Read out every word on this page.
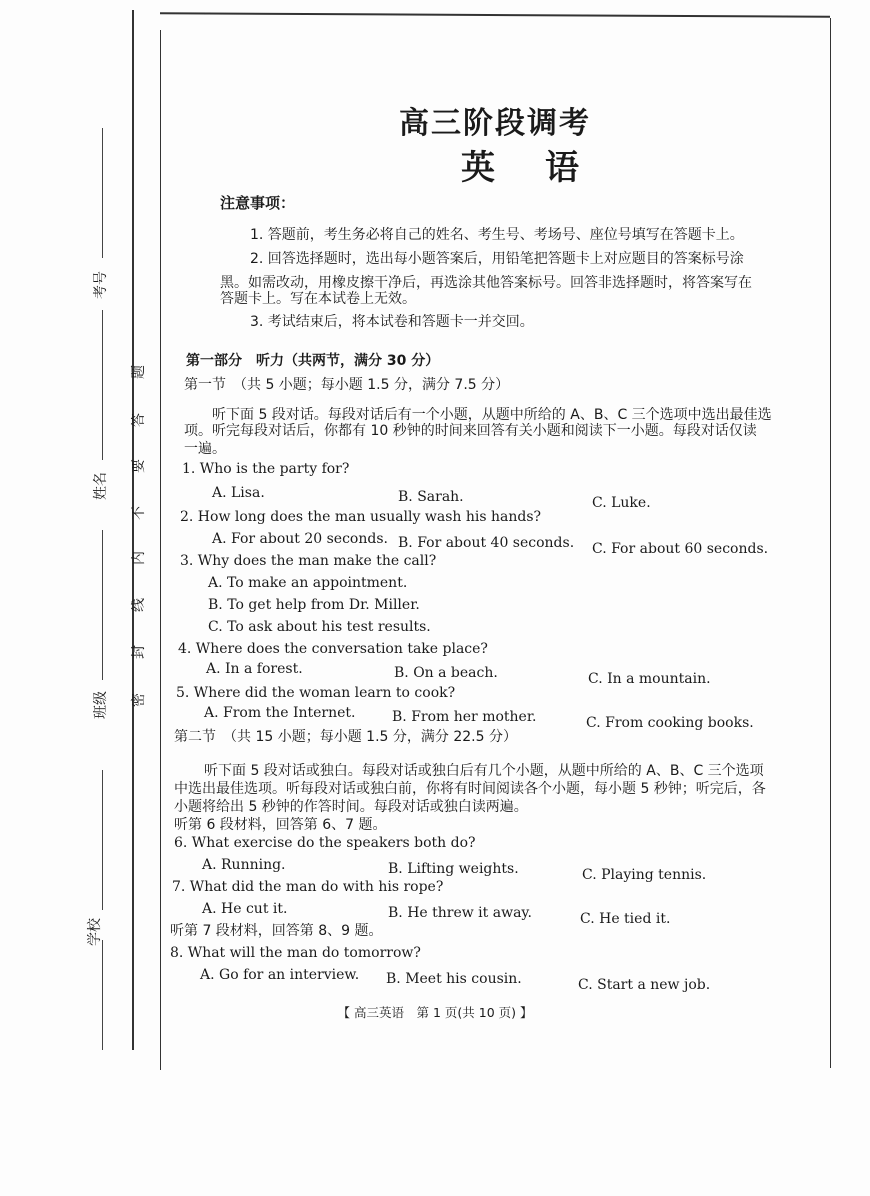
考号
姓名
班级
学校
题
答
要
不
内
线
封
密
高三阶段调考
英语
注意事项：
1. 答题前，考生务必将自己的姓名、考生号、考场号、座位号填写在答题卡上。
2. 回答选择题时，选出每小题答案后，用铅笔把答题卡上对应题目的答案标号涂
黑。如需改动，用橡皮擦干净后，再选涂其他答案标号。回答非选择题时，将答案写在
答题卡上。写在本试卷上无效。
3. 考试结束后，将本试卷和答题卡一并交回。
第一部分　听力（共两节，满分 30 分）
第一节　（共 5 小题；每小题 1.5 分，满分 7.5 分）
听下面 5 段对话。每段对话后有一个小题，从题中所给的 A、B、C 三个选项中选出最佳选
项。听完每段对话后，你都有 10 秒钟的时间来回答有关小题和阅读下一小题。每段对话仅读
一遍。
1. Who is the party for?
A. Lisa.	B. Sarah.	C. Luke.
2. How long does the man usually wash his hands?
A. For about 20 seconds. B. For about 40 seconds. C. For about 60 seconds.
3. Why does the man make the call?
A. To make an appointment.
B. To get help from Dr. Miller.
C. To ask about his test results.
4. Where does the conversation take place?
A. In a forest.	B. On a beach.	C. In a mountain.
5. Where did the woman learn to cook?
A. From the Internet.	B. From her mother.	C. From cooking books.
第二节　（共 15 小题；每小题 1.5 分，满分 22.5 分）
听下面 5 段对话或独白。每段对话或独白后有几个小题，从题中所给的 A、B、C 三个选项
中选出最佳选项。听每段对话或独白前，你将有时间阅读各个小题，每小题 5 秒钟；听完后，各
小题将给出 5 秒钟的作答时间。每段对话或独白读两遍。
听第 6 段材料，回答第 6、7 题。
6. What exercise do the speakers both do?
A. Running.	B. Lifting weights.	C. Playing tennis.
7. What did the man do with his rope?
A. He cut it.	B. He threw it away.	C. He tied it.
听第 7 段材料，回答第 8、9 题。
8. What will the man do tomorrow?
A. Go for an interview. B. Meet his cousin.	C. Start a new job.
【 高三英语　第 1 页(共 10 页) 】
